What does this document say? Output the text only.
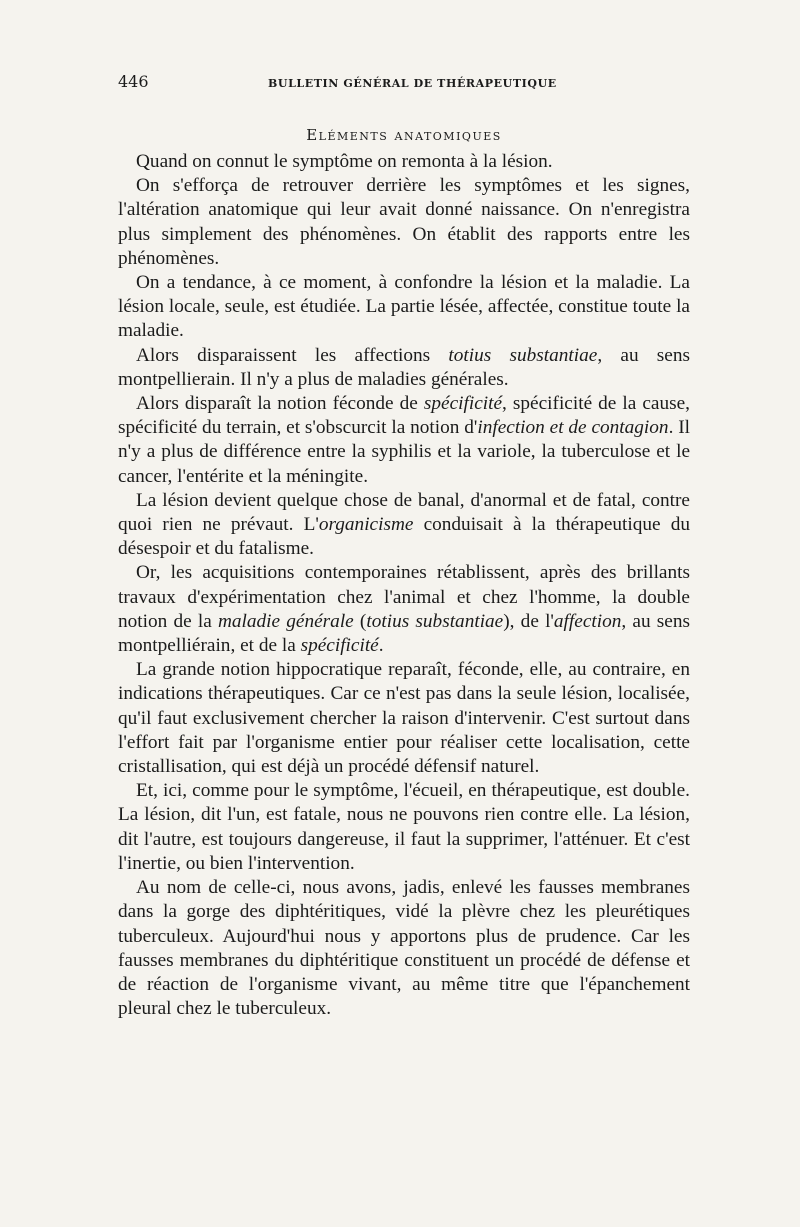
446	BULLETIN GÉNÉRAL DE THÉRAPEUTIQUE
Eléments anatomiques

Quand on connut le symptôme on remonta à la lésion.

On s'efforça de retrouver derrière les symptômes et les signes, l'altération anatomique qui leur avait donné naissance. On n'enregistra plus simplement des phénomènes. On établit des rapports entre les phénomènes.

On a tendance, à ce moment, à confondre la lésion et la maladie. La lésion locale, seule, est étudiée. La partie lésée, affectée, constitue toute la maladie.

Alors disparaissent les affections totius substantiae, au sens montpellierain. Il n'y a plus de maladies générales.

Alors disparaît la notion féconde de spécificité, spécificité de la cause, spécificité du terrain, et s'obscurcit la notion d'infection et de contagion. Il n'y a plus de différence entre la syphilis et la variole, la tuberculose et le cancer, l'entérite et la méningite.

La lésion devient quelque chose de banal, d'anormal et de fatal, contre quoi rien ne prévaut. L'organicisme conduisait à la thérapeutique du désespoir et du fatalisme.

Or, les acquisitions contemporaines rétablissent, après des brillants travaux d'expérimentation chez l'animal et chez l'homme, la double notion de la maladie générale (totius substantiae), de l'affection, au sens montpelliérain, et de la spécificité.

La grande notion hippocratique reparaît, féconde, elle, au contraire, en indications thérapeutiques. Car ce n'est pas dans la seule lésion, localisée, qu'il faut exclusivement chercher la raison d'intervenir. C'est surtout dans l'effort fait par l'organisme entier pour réaliser cette localisation, cette cristallisation, qui est déjà un procédé défensif naturel.

Et, ici, comme pour le symptôme, l'écueil, en thérapeutique, est double. La lésion, dit l'un, est fatale, nous ne pouvons rien contre elle. La lésion, dit l'autre, est toujours dangereuse, il faut la supprimer, l'atténuer. Et c'est l'inertie, ou bien l'intervention.

Au nom de celle-ci, nous avons, jadis, enlevé les fausses membranes dans la gorge des diphtéritiques, vidé la plèvre chez les pleurétiques tuberculeux. Aujourd'hui nous y apportons plus de prudence. Car les fausses membranes du diphtéritique constituent un procédé de défense et de réaction de l'organisme vivant, au même titre que l'épanchement pleural chez le tuberculeux.
